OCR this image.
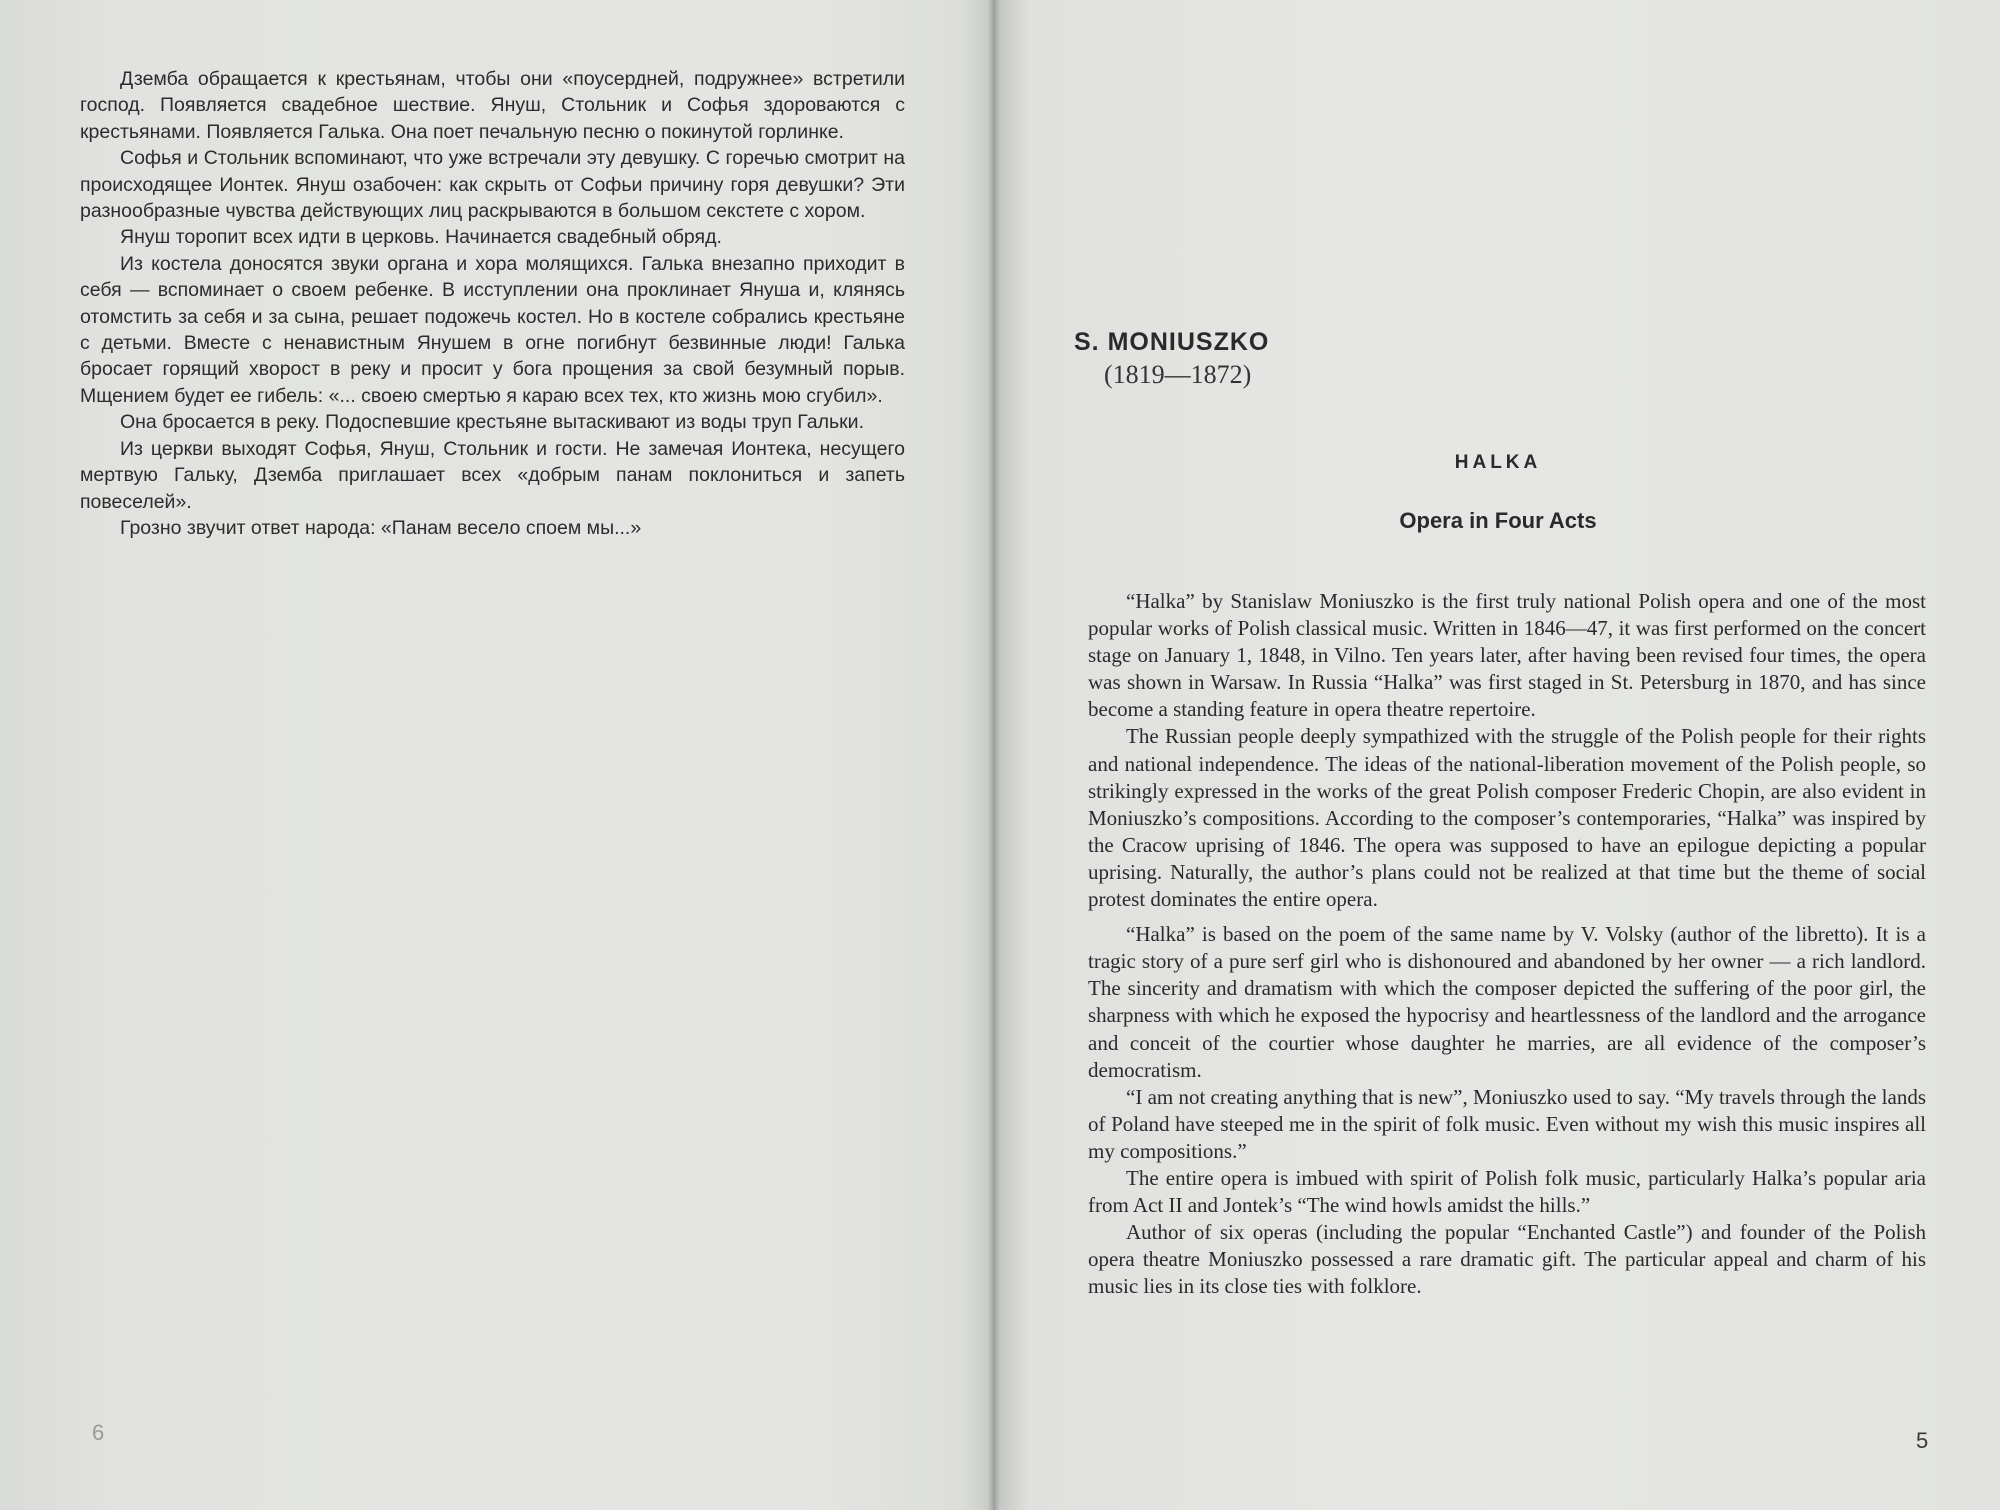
Дземба обращается к крестьянам, чтобы они «поусердней, подружнее» встретили господ. Появляется свадебное шествие. Януш, Стольник и Софья здороваются с крестьянами. Появляется Галька. Она поет печальную песню о покинутой горлинке.

Софья и Стольник вспоминают, что уже встречали эту девушку. С горечью смотрит на происходящее Ионтек. Януш озабочен: как скрыть от Софьи причину горя девушки? Эти разнообразные чувства действующих лиц раскрываются в большом секстете с хором.

Януш торопит всех идти в церковь. Начинается свадебный обряд.

Из костела доносятся звуки органа и хора молящихся. Галька внезапно приходит в себя — вспоминает о своем ребенке. В исступлении она проклинает Януша и, клянясь отомстить за себя и за сына, решает подожечь костел. Но в костеле собрались крестьяне с детьми. Вместе с ненавистным Янушем в огне погибнут безвинные люди! Галька бросает горящий хворост в реку и просит у бога прощения за свой безумный порыв. Мщением будет ее гибель: «... своею смертью я караю всех тех, кто жизнь мою сгубил».

Она бросается в реку. Подоспевшие крестьяне вытаскивают из воды труп Гальки.

Из церкви выходят Софья, Януш, Стольник и гости. Не замечая Ионтека, несущего мертвую Гальку, Дземба приглашает всех «добрым панам поклониться и запеть повеселей».

Грозно звучит ответ народа: «Панам весело споем мы...»

6
S. MONIUSZKO
(1819—1872)
HALKA
Opera in Four Acts

“Halka” by Stanislaw Moniuszko is the first truly national Polish opera and one of the most popular works of Polish classical music. Written in 1846—47, it was first performed on the concert stage on January 1, 1848, in Vilno. Ten years later, after having been revised four times, the opera was shown in Warsaw. In Russia “Halka” was first staged in St. Petersburg in 1870, and has since become a standing feature in opera theatre repertoire.

The Russian people deeply sympathized with the struggle of the Polish people for their rights and national independence. The ideas of the national-liberation movement of the Polish people, so strikingly expressed in the works of the great Polish composer Frederic Chopin, are also evident in Moniuszko’s compositions. According to the composer’s contemporaries, “Halka” was inspired by the Cracow uprising of 1846. The opera was supposed to have an epilogue depicting a popular uprising. Naturally, the author’s plans could not be realized at that time but the theme of social protest dominates the entire opera.

“Halka” is based on the poem of the same name by V. Volsky (author of the libretto). It is a tragic story of a pure serf girl who is dishonoured and abandoned by her owner — a rich landlord. The sincerity and dramatism with which the composer depicted the suffering of the poor girl, the sharpness with which he exposed the hypocrisy and heartlessness of the landlord and the arrogance and conceit of the courtier whose daughter he marries, are all evidence of the composer’s democratism.

“I am not creating anything that is new”, Moniuszko used to say. “My travels through the lands of Poland have steeped me in the spirit of folk music. Even without my wish this music inspires all my compositions.”

The entire opera is imbued with spirit of Polish folk music, particularly Halka’s popular aria from Act II and Jontek’s “The wind howls amidst the hills.”

Author of six operas (including the popular “Enchanted Castle”) and founder of the Polish opera theatre Moniuszko possessed a rare dramatic gift. The particular appeal and charm of his music lies in its close ties with folklore.

5
